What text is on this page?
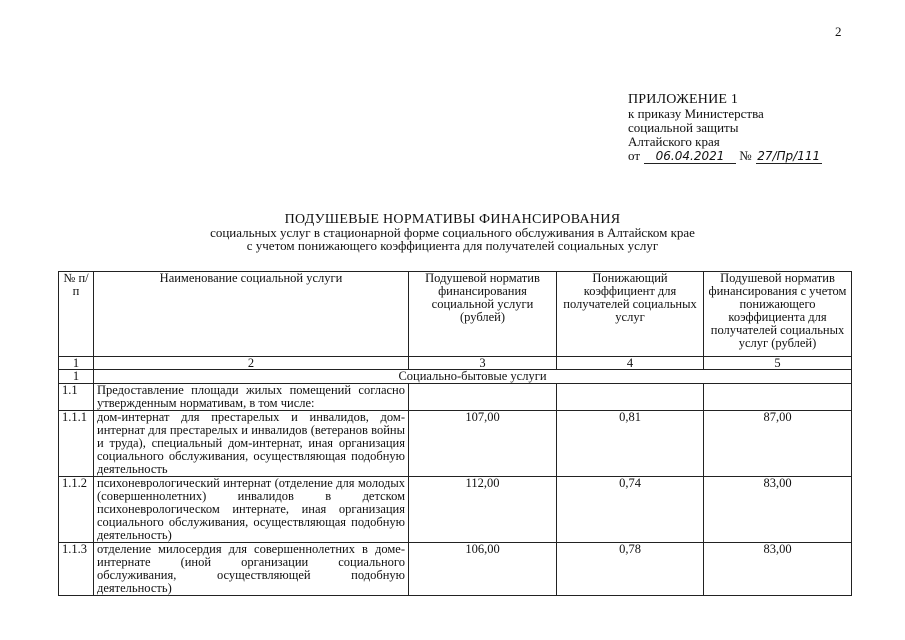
2
ПРИЛОЖЕНИЕ 1
к приказу Министерства
социальной защиты
Алтайского края
от 06.04.2021 № 27/Пр/111
ПОДУШЕВЫЕ НОРМАТИВЫ ФИНАНСИРОВАНИЯ
социальных услуг в стационарной форме социального обслуживания в Алтайском крае
с учетом понижающего коэффициента для получателей социальных услуг
№ п/п	Наименование социальной услуги	Подушевой норматив финансирования социальной услуги (рублей)	Понижающий коэффициент для получателей социальных услуг	Подушевой норматив финансирования с учетом понижающего коэффициента для получателей социальных услуг (рублей)
1	2	3	4	5
1	Социально-бытовые услуги			
1.1	Предоставление площади жилых помещений согласно утвержденным нормативам, в том числе:			
1.1.1	дом-интернат для престарелых и инвалидов, дом-интернат для престарелых и инвалидов (ветеранов войны и труда), специальный дом-интернат, иная организация социального обслуживания, осуществляющая подобную деятельность	107,00	0,81	87,00
1.1.2	психоневрологический интернат (отделение для молодых (совершеннолетних) инвалидов в детском психоневрологическом интернате, иная организация социального обслуживания, осуществляющая подобную деятельность)	112,00	0,74	83,00
1.1.3	отделение милосердия для совершеннолетних в доме-интернате (иной организации социального обслуживания, осуществляющей подобную деятельность)	106,00	0,78	83,00
